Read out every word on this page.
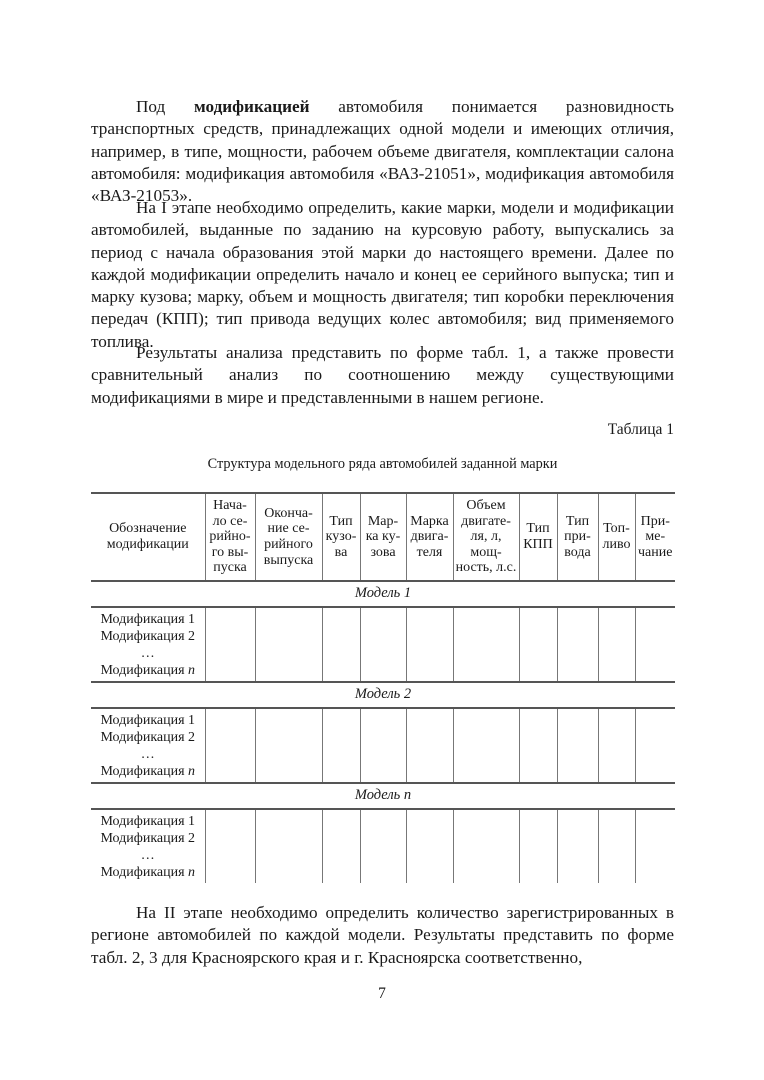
Под модификацией автомобиля понимается разновидность транспортных средств, принадлежащих одной модели и имеющих отличия, например, в типе, мощности, рабочем объеме двигателя, комплектации салона автомобиля: модификация автомобиля «ВАЗ-21051», модификация автомобиля «ВАЗ-21053».

На I этапе необходимо определить, какие марки, модели и модификации автомобилей, выданные по заданию на курсовую работу, выпускались за период с начала образования этой марки до настоящего времени. Далее по каждой модификации определить начало и конец ее серийного выпуска; тип и марку кузова; марку, объем и мощность двигателя; тип коробки переключения передач (КПП); тип привода ведущих колес автомобиля; вид применяемого топлива.

Результаты анализа представить по форме табл. 1, а также провести сравнительный анализ по соотношению между существующими модификациями в мире и представленными в нашем регионе.

Таблица 1
Структура модельного ряда автомобилей заданной марки
Обозначение модификации	Нача-ло се-рийно-го вы-пуска	Оконча-ние се-рийного выпуска	Тип кузо-ва	Мар-ка ку-зова	Марка двига-теля	Объем двигате-ля, л, мощ-ность, л.с.	Тип КПП	Тип при-вода	Топ-ливо	При-ме-чание
Модель 1										

Модификация 1
Модификация 2
…
Модификация n										

Модель 2										

Модификация 1
Модификация 2
…
Модификация n										

Модель n										

Модификация 1
Модификация 2
…
Модификация n										

На II этапе необходимо определить количество зарегистрированных в регионе автомобилей по каждой модели. Результаты представить по форме табл. 2, 3 для Красноярского края и г. Красноярска соответственно,

7
